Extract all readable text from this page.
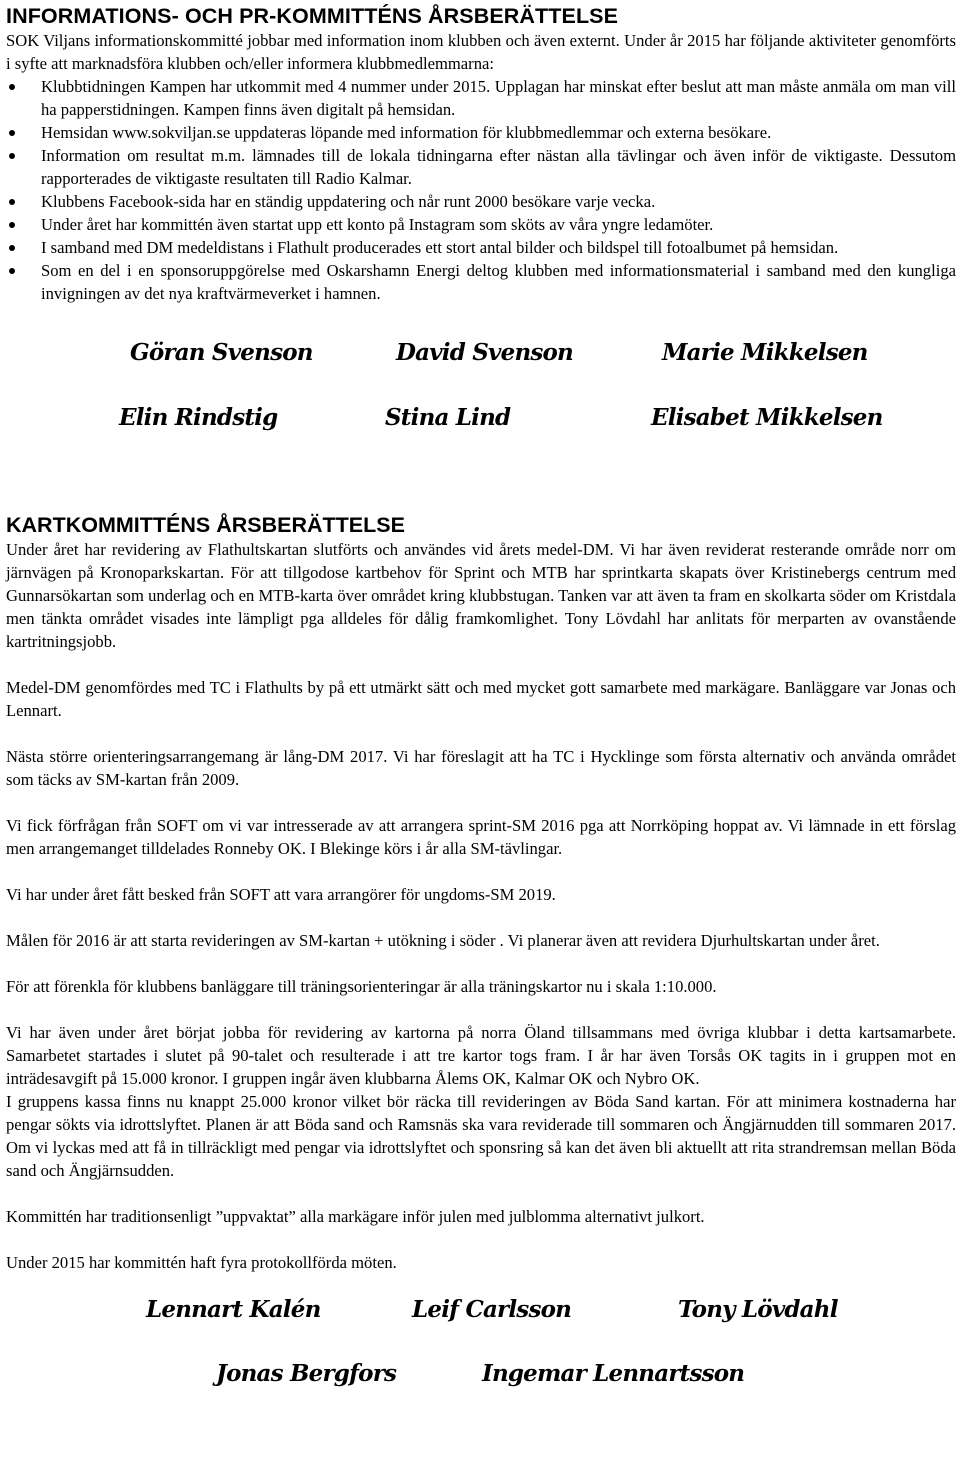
INFORMATIONS- OCH PR-KOMMITTÉNS ÅRSBERÄTTELSE

SOK Viljans informationskommitté jobbar med information inom klubben och även externt. Under år 2015 har följande aktiviteter genomförts i syfte att marknadsföra klubben och/eller informera klubbmedlemmarna:

Klubbtidningen Kampen har utkommit med 4 nummer under 2015. Upplagan har minskat efter beslut att man måste anmäla om man vill ha papperstidningen. Kampen finns även digitalt på hemsidan.
Hemsidan www.sokviljan.se uppdateras löpande med information för klubbmedlemmar och externa besökare.
Information om resultat m.m. lämnades till de lokala tidningarna efter nästan alla tävlingar och även inför de viktigaste. Dessutom rapporterades de viktigaste resultaten till Radio Kalmar.
Klubbens Facebook-sida har en ständig uppdatering och når runt 2000 besökare varje vecka.
Under året har kommittén även startat upp ett konto på Instagram som sköts av våra yngre ledamöter.
I samband med DM medeldistans i Flathult producerades ett stort antal bilder och bildspel till fotoalbumet på hemsidan.
Som en del i en sponsoruppgörelse med Oskarshamn Energi deltog klubben med informationsmaterial i samband med den kungliga invigningen av det nya kraftvärmeverket i hamnen.
Göran Svenson	David Svenson	Marie Mikkelsen
Elin Rindstig	Stina Lind	Elisabet Mikkelsen
KARTKOMMITTÉNS ÅRSBERÄTTELSE

Under året har revidering av Flathultskartan slutförts och användes vid årets medel-DM. Vi har även reviderat resterande område norr om järnvägen på Kronoparkskartan. För att tillgodose kartbehov för Sprint och MTB har sprintkarta skapats över Kristinebergs centrum med Gunnarsökartan som underlag och en MTB-karta över området kring klubbstugan. Tanken var att även ta fram en skolkarta söder om Kristdala men tänkta området visades inte lämpligt pga alldeles för dålig framkomlighet. Tony Lövdahl har anlitats för merparten av ovanstående kartritningsjobb.

Medel-DM genomfördes med TC i Flathults by på ett utmärkt sätt och med mycket gott samarbete med markägare. Banläggare var Jonas och Lennart.

Nästa större orienteringsarrangemang är lång-DM 2017. Vi har föreslagit att ha TC i Hycklinge som första alternativ och använda området som täcks av SM-kartan från 2009.

Vi fick förfrågan från SOFT om vi var intresserade av att arrangera sprint-SM 2016 pga att Norrköping hoppat av. Vi lämnade in ett förslag men arrangemanget tilldelades Ronneby OK. I Blekinge körs i år alla SM-tävlingar.

Vi har under året fått besked från SOFT att vara arrangörer för ungdoms-SM 2019.

Målen för 2016 är att starta revideringen av SM-kartan + utökning i söder . Vi planerar även att revidera Djurhultskartan under året.

För att förenkla för klubbens banläggare till träningsorienteringar är alla träningskartor nu i skala 1:10.000.

Vi har även under året börjat jobba för revidering av kartorna på norra Öland tillsammans med övriga klubbar i detta kartsamarbete. Samarbetet startades i slutet på 90-talet och resulterade i att tre kartor togs fram. I år har även Torsås OK tagits in i gruppen mot en inträdesavgift på 15.000 kronor. I gruppen ingår även klubbarna Ålems OK, Kalmar OK och Nybro OK.

I gruppens kassa finns nu knappt 25.000 kronor vilket bör räcka till revideringen av Böda Sand kartan. För att minimera kostnaderna har pengar sökts via idrottslyftet. Planen är att Böda sand och Ramsnäs ska vara reviderade till sommaren och Ängjärnudden till sommaren 2017. Om vi lyckas med att få in tillräckligt med pengar via idrottslyftet och sponsring så kan det även bli aktuellt att rita strandremsan mellan Böda sand och Ängjärnsudden.

Kommittén har traditionsenligt ”uppvaktat” alla markägare inför julen med julblomma alternativt julkort.

Under 2015 har kommittén haft fyra protokollförda möten.

Lennart Kalén	Leif Carlsson	Tony Lövdahl
Jonas Bergfors	Ingemar Lennartsson
